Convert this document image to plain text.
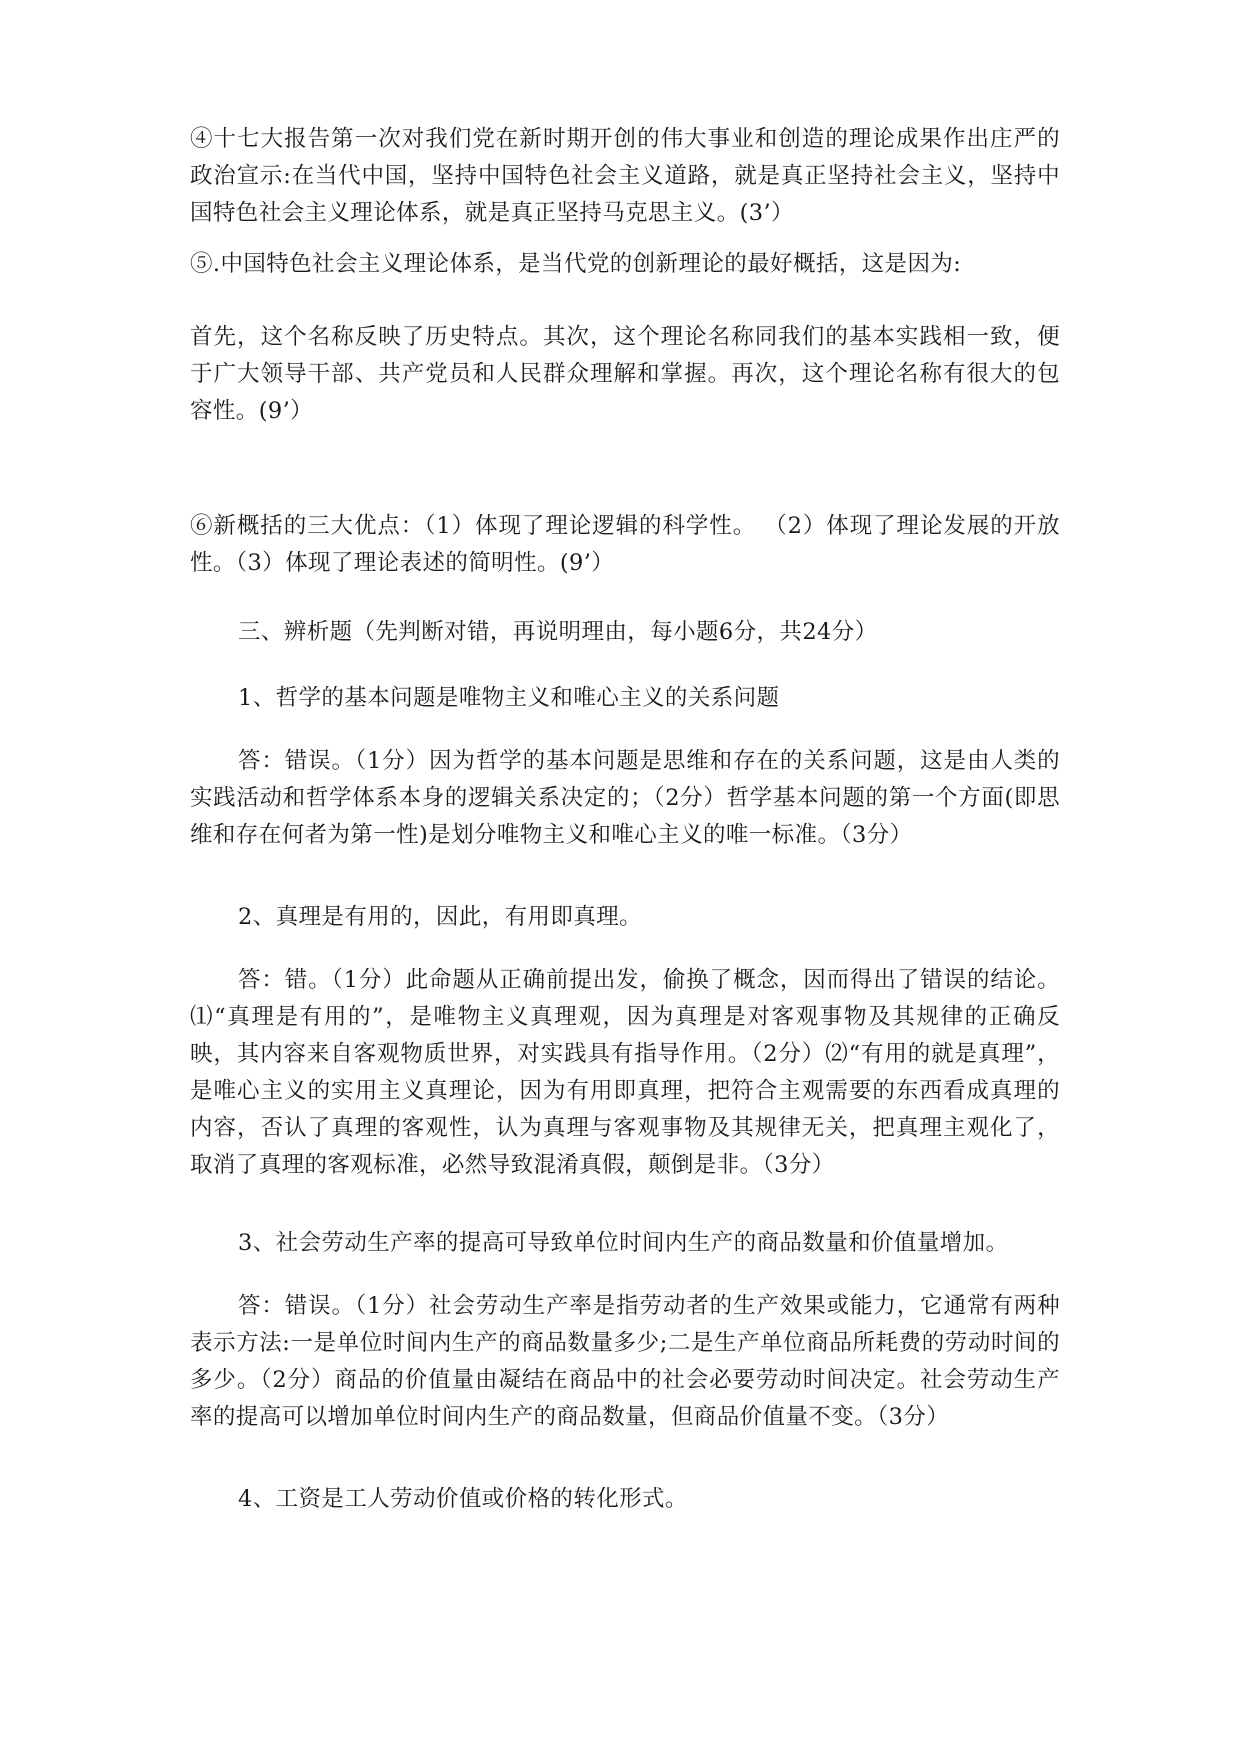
④十七大报告第一次对我们党在新时期开创的伟大事业和创造的理论成果作出庄严的政治宣示:在当代中国，坚持中国特色社会主义道路，就是真正坚持社会主义，坚持中国特色社会主义理论体系，就是真正坚持马克思主义。(3’）

⑤.中国特色社会主义理论体系，是当代党的创新理论的最好概括，这是因为:

首先，这个名称反映了历史特点。其次，这个理论名称同我们的基本实践相一致，便于广大领导干部、共产党员和人民群众理解和掌握。再次，这个理论名称有很大的包容性。(9’）

⑥新概括的三大优点：（1）体现了理论逻辑的科学性。 （2）体现了理论发展的开放性。（3）体现了理论表述的简明性。(9’）

三、辨析题（先判断对错，再说明理由，每小题6分，共24分）

1、哲学的基本问题是唯物主义和唯心主义的关系问题

答：错误。（1分）因为哲学的基本问题是思维和存在的关系问题，这是由人类的实践活动和哲学体系本身的逻辑关系决定的；（2分）哲学基本问题的第一个方面(即思维和存在何者为第一性)是划分唯物主义和唯心主义的唯一标准。（3分）

2、真理是有用的，因此，有用即真理。

答：错。（1分）此命题从正确前提出发，偷换了概念，因而得出了错误的结论。⑴“真理是有用的”，是唯物主义真理观，因为真理是对客观事物及其规律的正确反映，其内容来自客观物质世界，对实践具有指导作用。（2分）⑵“有用的就是真理”，是唯心主义的实用主义真理论，因为有用即真理，把符合主观需要的东西看成真理的内容，否认了真理的客观性，认为真理与客观事物及其规律无关，把真理主观化了，取消了真理的客观标准，必然导致混淆真假，颠倒是非。（3分）

3、社会劳动生产率的提高可导致单位时间内生产的商品数量和价值量增加。

答：错误。（1分）社会劳动生产率是指劳动者的生产效果或能力，它通常有两种表示方法:一是单位时间内生产的商品数量多少;二是生产单位商品所耗费的劳动时间的多少。（2分）商品的价值量由凝结在商品中的社会必要劳动时间决定。社会劳动生产率的提高可以增加单位时间内生产的商品数量，但商品价值量不变。（3分）

4、工资是工人劳动价值或价格的转化形式。
